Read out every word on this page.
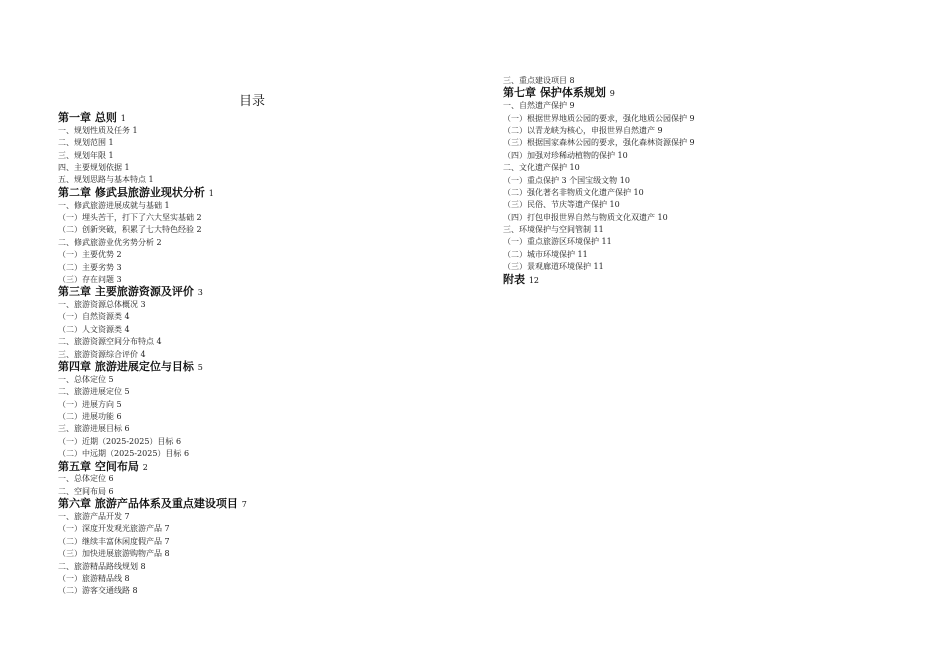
目录
第一章 总则 1
一、规划性质及任务 1
二、规划范围 1
三、规划年限 1
四、主要规划依据 1
五、规划思路与基本特点 1
第二章 修武县旅游业现状分析 1
一、修武旅游进展成就与基础 1
（一）埋头苦干，打下了六大坚实基础 2
（二）创新突破，积累了七大特色经验 2
二、修武旅游业优劣势分析 2
（一）主要优势 2
（二）主要劣势 3
（三）存在问题 3
第三章 主要旅游资源及评价 3
一、旅游资源总体概况 3
（一）自然资源类 4
（二）人文资源类 4
二、旅游资源空间分布特点 4
三、旅游资源综合评价 4
第四章 旅游进展定位与目标 5
一、总体定位 5
二、旅游进展定位 5
（一）进展方向 5
（二）进展功能 6
三、旅游进展目标 6
（一）近期（2025-2025）目标 6
（二）中远期（2025-2025）目标 6
第五章 空间布局 2
一、总体定位 6
二、空间布局 6
第六章 旅游产品体系及重点建设项目 7
一、旅游产品开发 7
（一）深度开发观光旅游产品 7
（二）继续丰富休闲度假产品 7
（三）加快进展旅游购物产品 8
二、旅游精品路线规划 8
（一）旅游精品线 8
（二）游客交通线路 8
三、重点建设项目 8
第七章 保护体系规划 9
一、自然遗产保护 9
（一）根据世界地质公园的要求，强化地质公园保护 9
（二）以青龙峡为核心，申报世界自然遗产 9
（三）根据国家森林公园的要求，强化森林资源保护 9
（四）加强对珍稀动植物的保护 10
二、文化遗产保护 10
（一）重点保护 3 个国宝级文物 10
（二）强化著名非物质文化遗产保护 10
（三）民俗、节庆等遗产保护 10
（四）打包申报世界自然与物质文化双遗产 10
三、环境保护与空间管制 11
（一）重点旅游区环境保护 11
（二）城市环境保护 11
（三）景观廊道环境保护 11
附表 12
